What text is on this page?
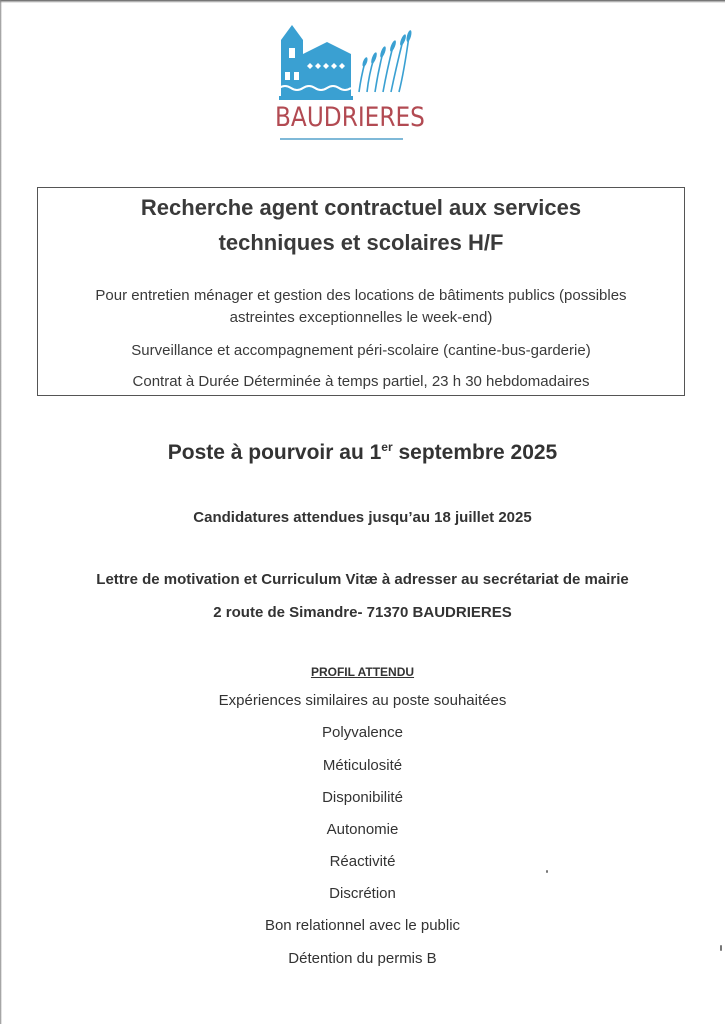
BAUDRIERES

Recherche agent contractuel aux services

techniques et scolaires H/F

Pour entretien ménager et gestion des locations de bâtiments publics (possibles

astreintes exceptionnelles le week-end)

Surveillance et accompagnement péri-scolaire (cantine-bus-garderie)

Contrat à Durée Déterminée à temps partiel, 23 h 30 hebdomadaires

Poste à pourvoir au 1er septembre 2025
Candidatures attendues jusqu’au 18 juillet 2025
Lettre de motivation et Curriculum Vitæ à adresser au secrétariat de mairie
2 route de Simandre- 71370 BAUDRIERES
PROFIL ATTENDU
Expériences similaires au poste souhaitées
Polyvalence
Méticulosité
Disponibilité
Autonomie
Réactivité
Discrétion
Bon relationnel avec le public
Détention du permis B
